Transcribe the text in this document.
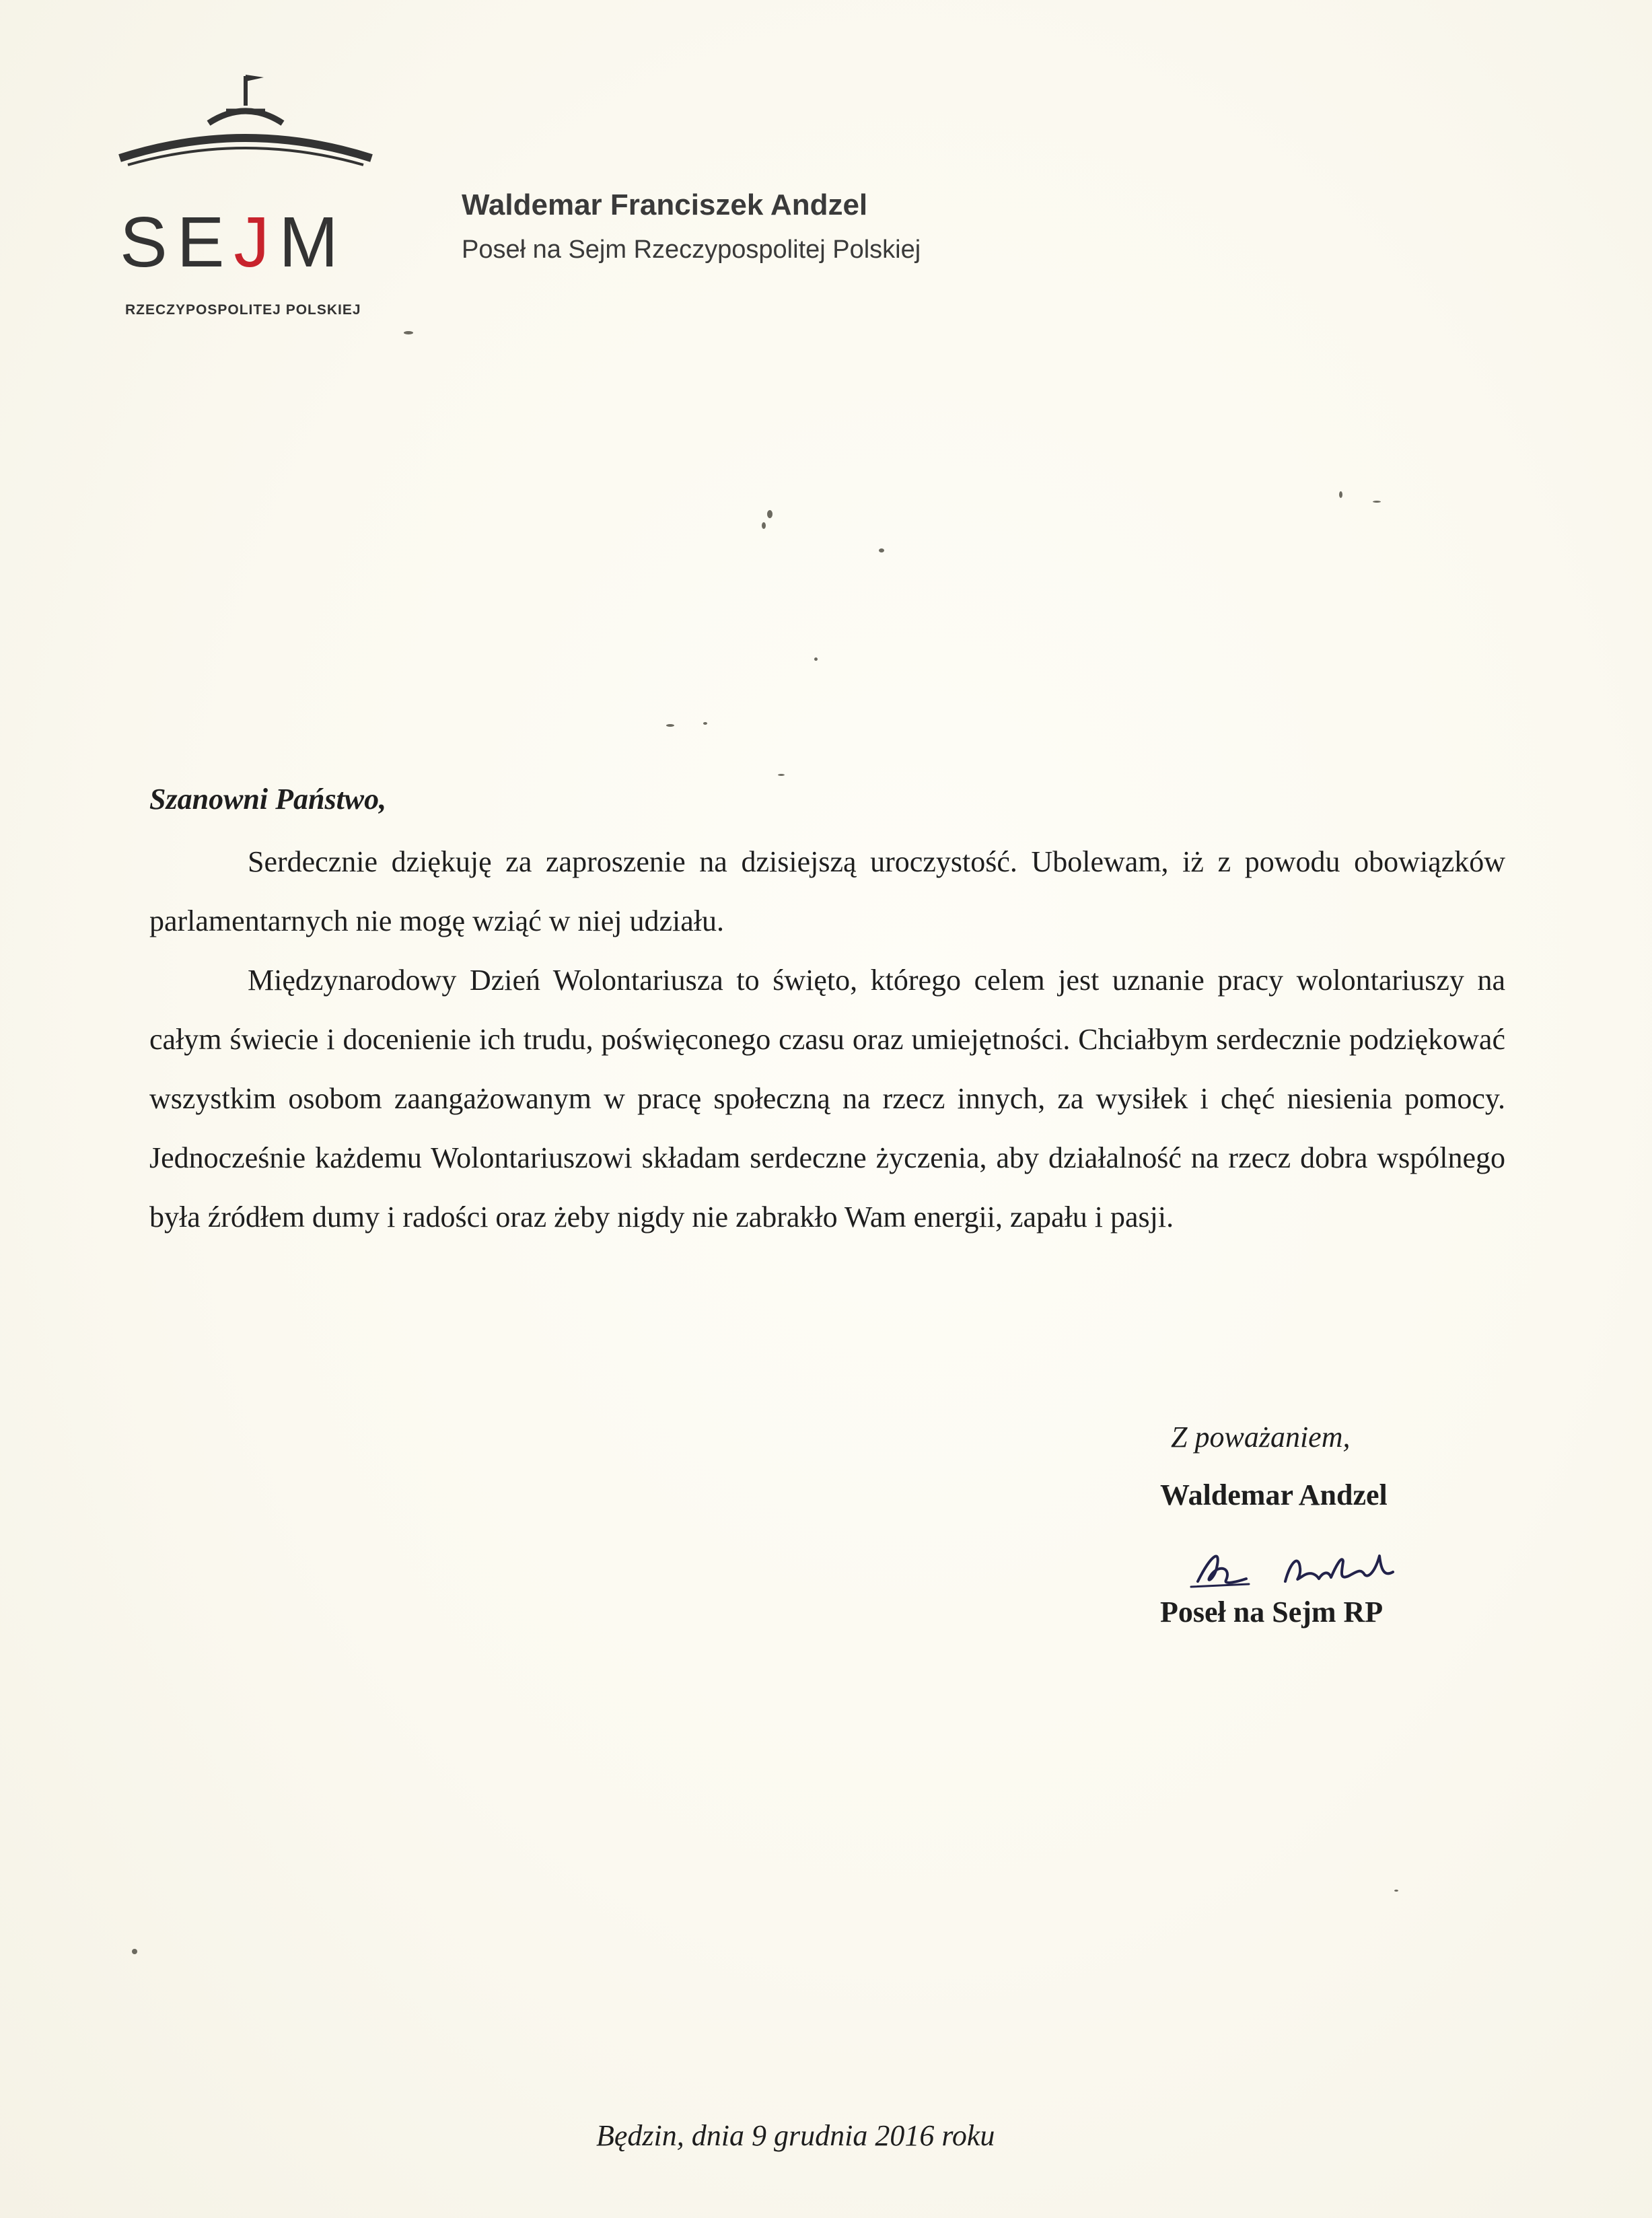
SEJM
RZECZYPOSPOLITEJ POLSKIEJ
Waldemar Franciszek Andzel
Poseł na Sejm Rzeczypospolitej Polskiej
Szanowni Państwo,

Serdecznie dziękuję za zaproszenie na dzisiejszą uroczystość. Ubolewam, iż z powodu obowiązków parlamentarnych nie mogę wziąć w niej udziału.

Międzynarodowy Dzień Wolontariusza to święto, którego celem jest uznanie pracy wolontariuszy na całym świecie i docenienie ich trudu, poświęconego czasu oraz umiejętności. Chciałbym serdecznie podziękować wszystkim osobom zaangażowanym w pracę społeczną na rzecz innych, za wysiłek i chęć niesienia pomocy. Jednocześnie każdemu Wolontariuszowi składam serdeczne życzenia, aby działalność na rzecz dobra wspólnego była źródłem dumy i radości oraz żeby nigdy nie zabrakło Wam energii, zapału i pasji.

Z poważaniem,
Waldemar Andzel
Poseł na Sejm RP
Będzin, dnia 9 grudnia 2016 roku
